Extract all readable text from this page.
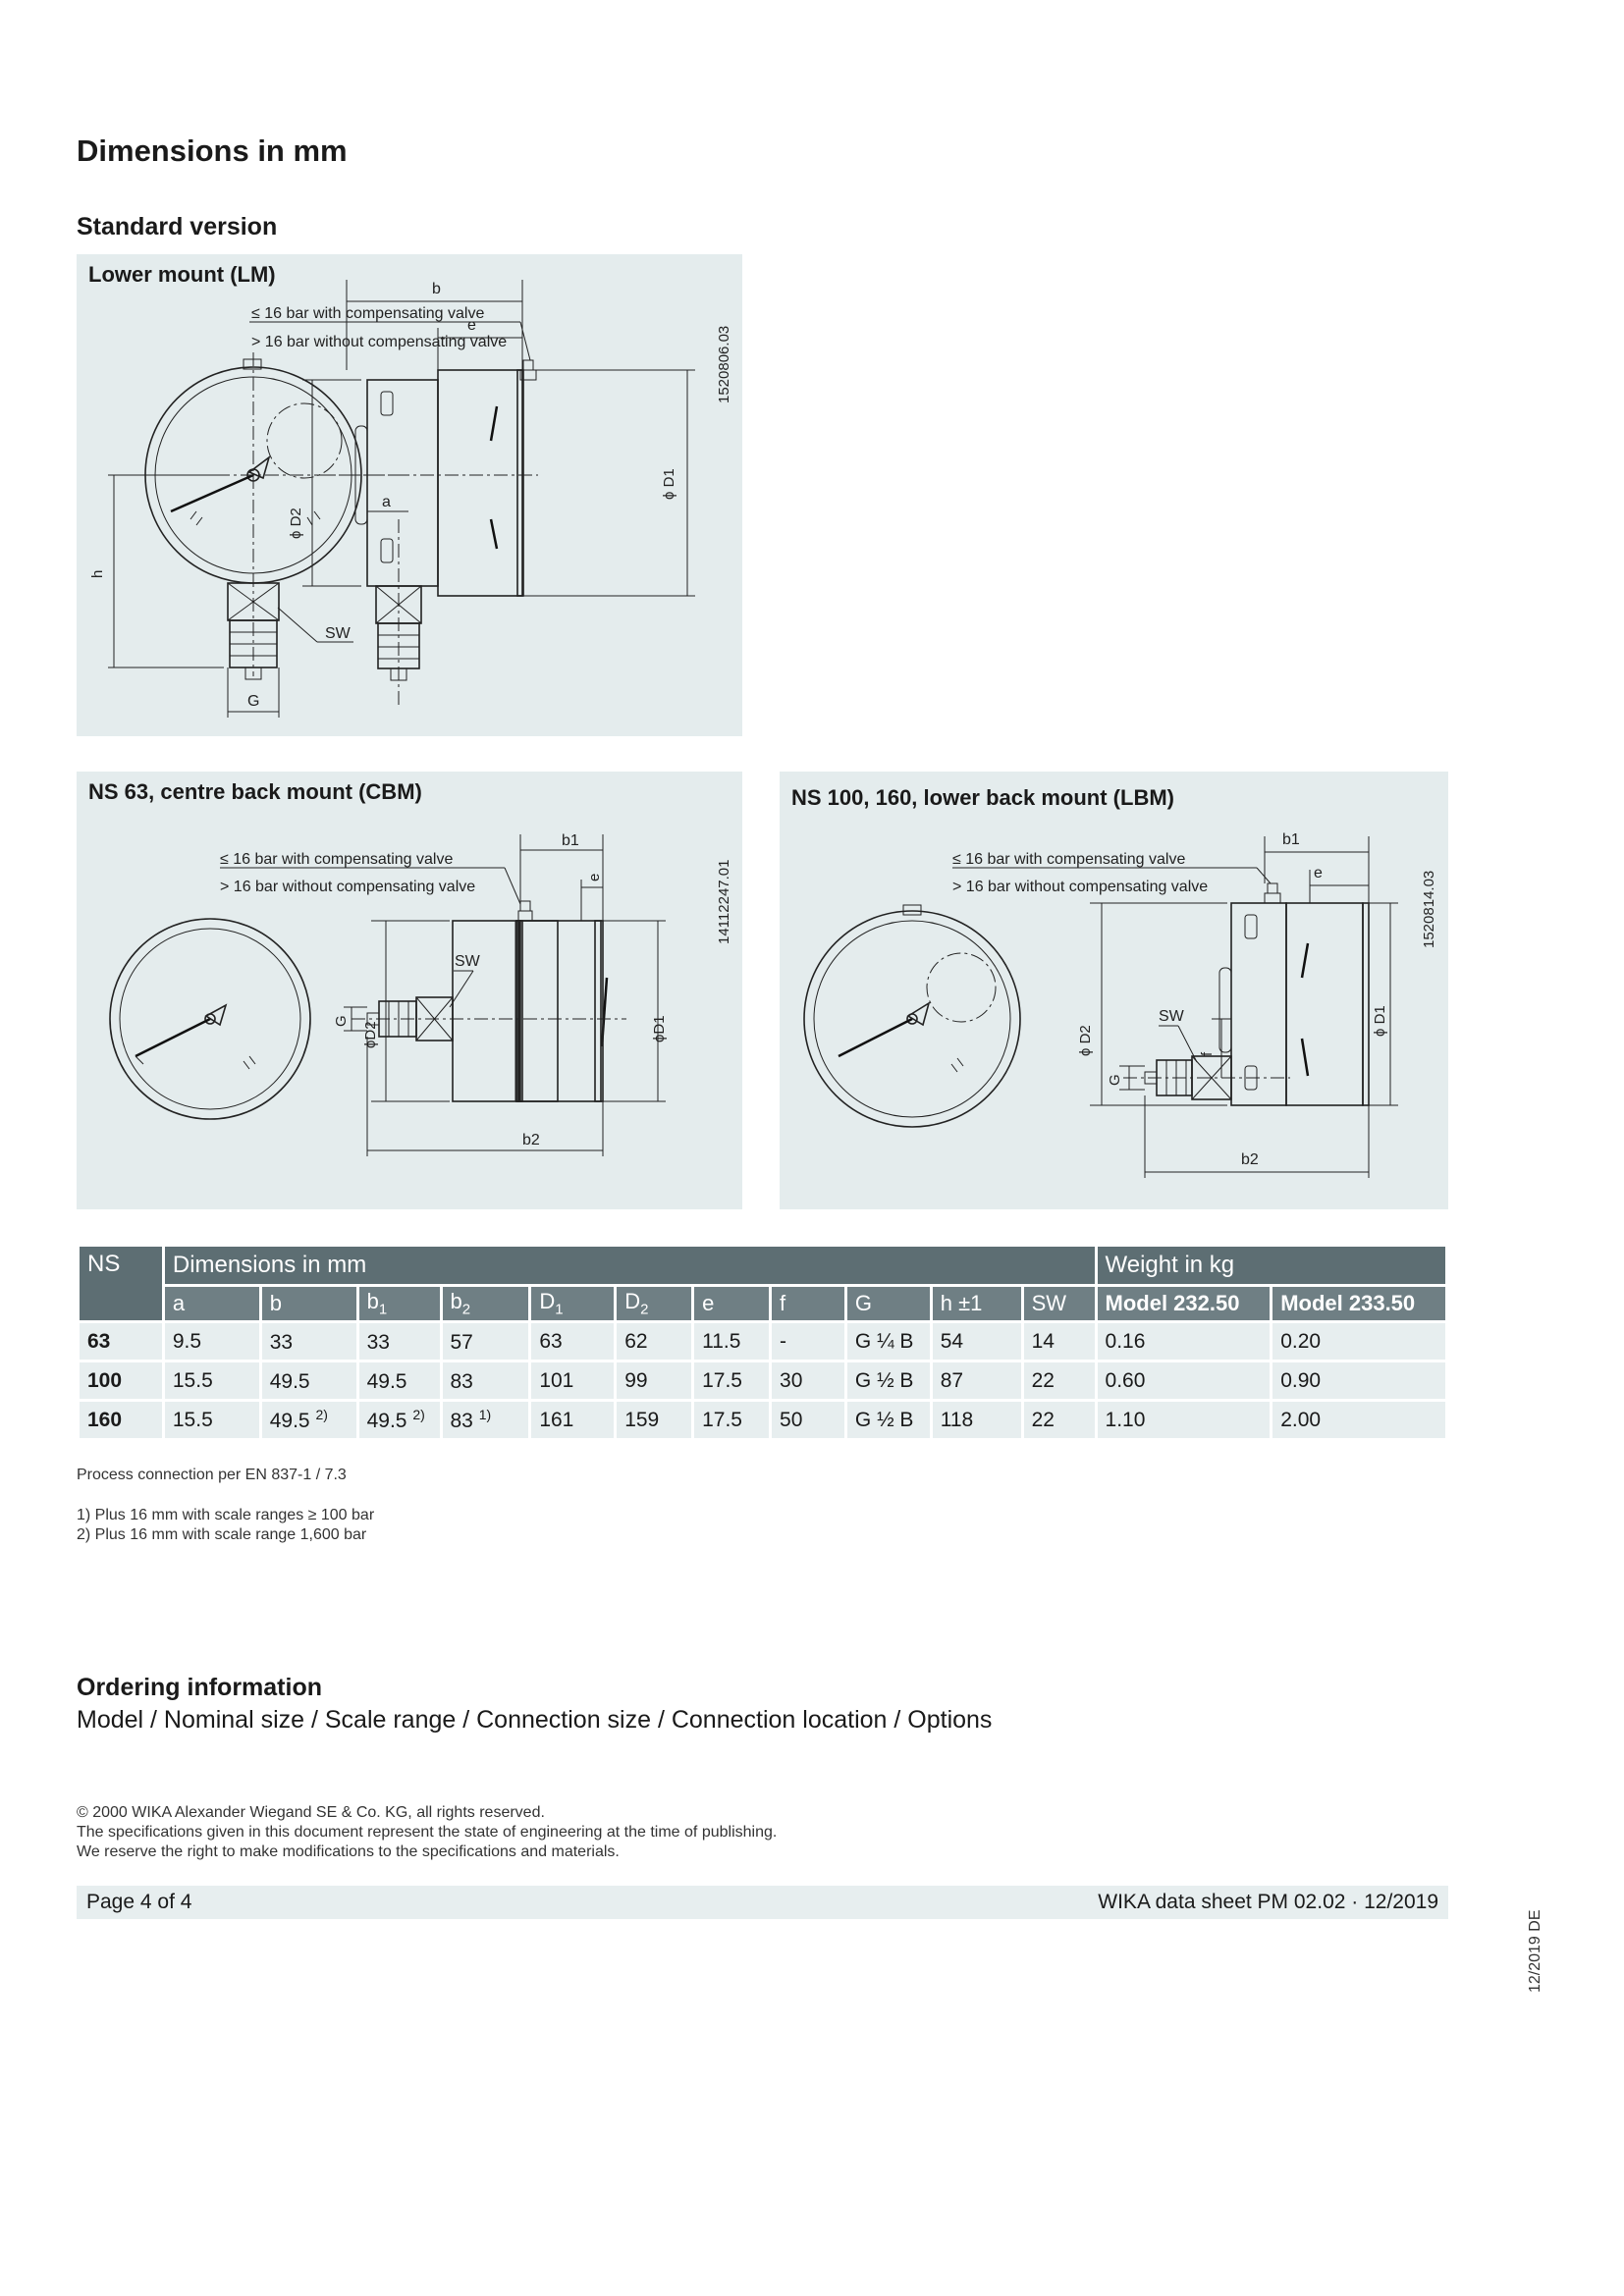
Dimensions in mm
Standard version
Lower mount (LM)
h
G
SW
b
e
ϕ D1
ϕ D2
a
≤ 16 bar with compensating valve
> 16 bar without compensating valve	1520806.03
NS 63, centre back mount (CBM)
SW
G
ϕD2	ϕD1
b1
e
b2
≤ 16 bar with compensating valve
> 16 bar without compensating valve	14112247.01
NS 100, 160, lower back mount (LBM)
SW
G
ϕ D2	f
ϕ D1
b1
e
b2
≤ 16 bar with compensating valve
> 16 bar without compensating valve	1520814.03
NS	Dimensions in mm											Weight in kg	
	a	b	$b_1$	$b_2$	$D_1$	$D_2$	e	f	G	h ±1	SW	Model 232.50	Model 233.50
63	9.5	33	33	57	63	62	11.5	-	G ¼ B	54	14	0.16	0.20
100	15.5	49.5	49.5	83	101	99	17.5	30	G ½ B	87	22	0.60	0.90
160	15.5	49.5 $^{2)}$	49.5 $^{2)}$	83 $^{1)}$	161	159	17.5	50	G ½ B	118	22	1.10	2.00
Process connection per EN 837-1 / 7.3
1) Plus 16 mm with scale ranges ≥ 100 bar
2) Plus 16 mm with scale range 1,600 bar
Ordering information
Model / Nominal size / Scale range / Connection size / Connection location / Options
© 2000 WIKA Alexander Wiegand SE & Co. KG, all rights reserved.
The specifications given in this document represent the state of engineering at the time of publishing.
We reserve the right to make modifications to the specifications and materials.
Page 4 of 4	WIKA data sheet PM 02.02 · 12/2019
12/2019 DE
